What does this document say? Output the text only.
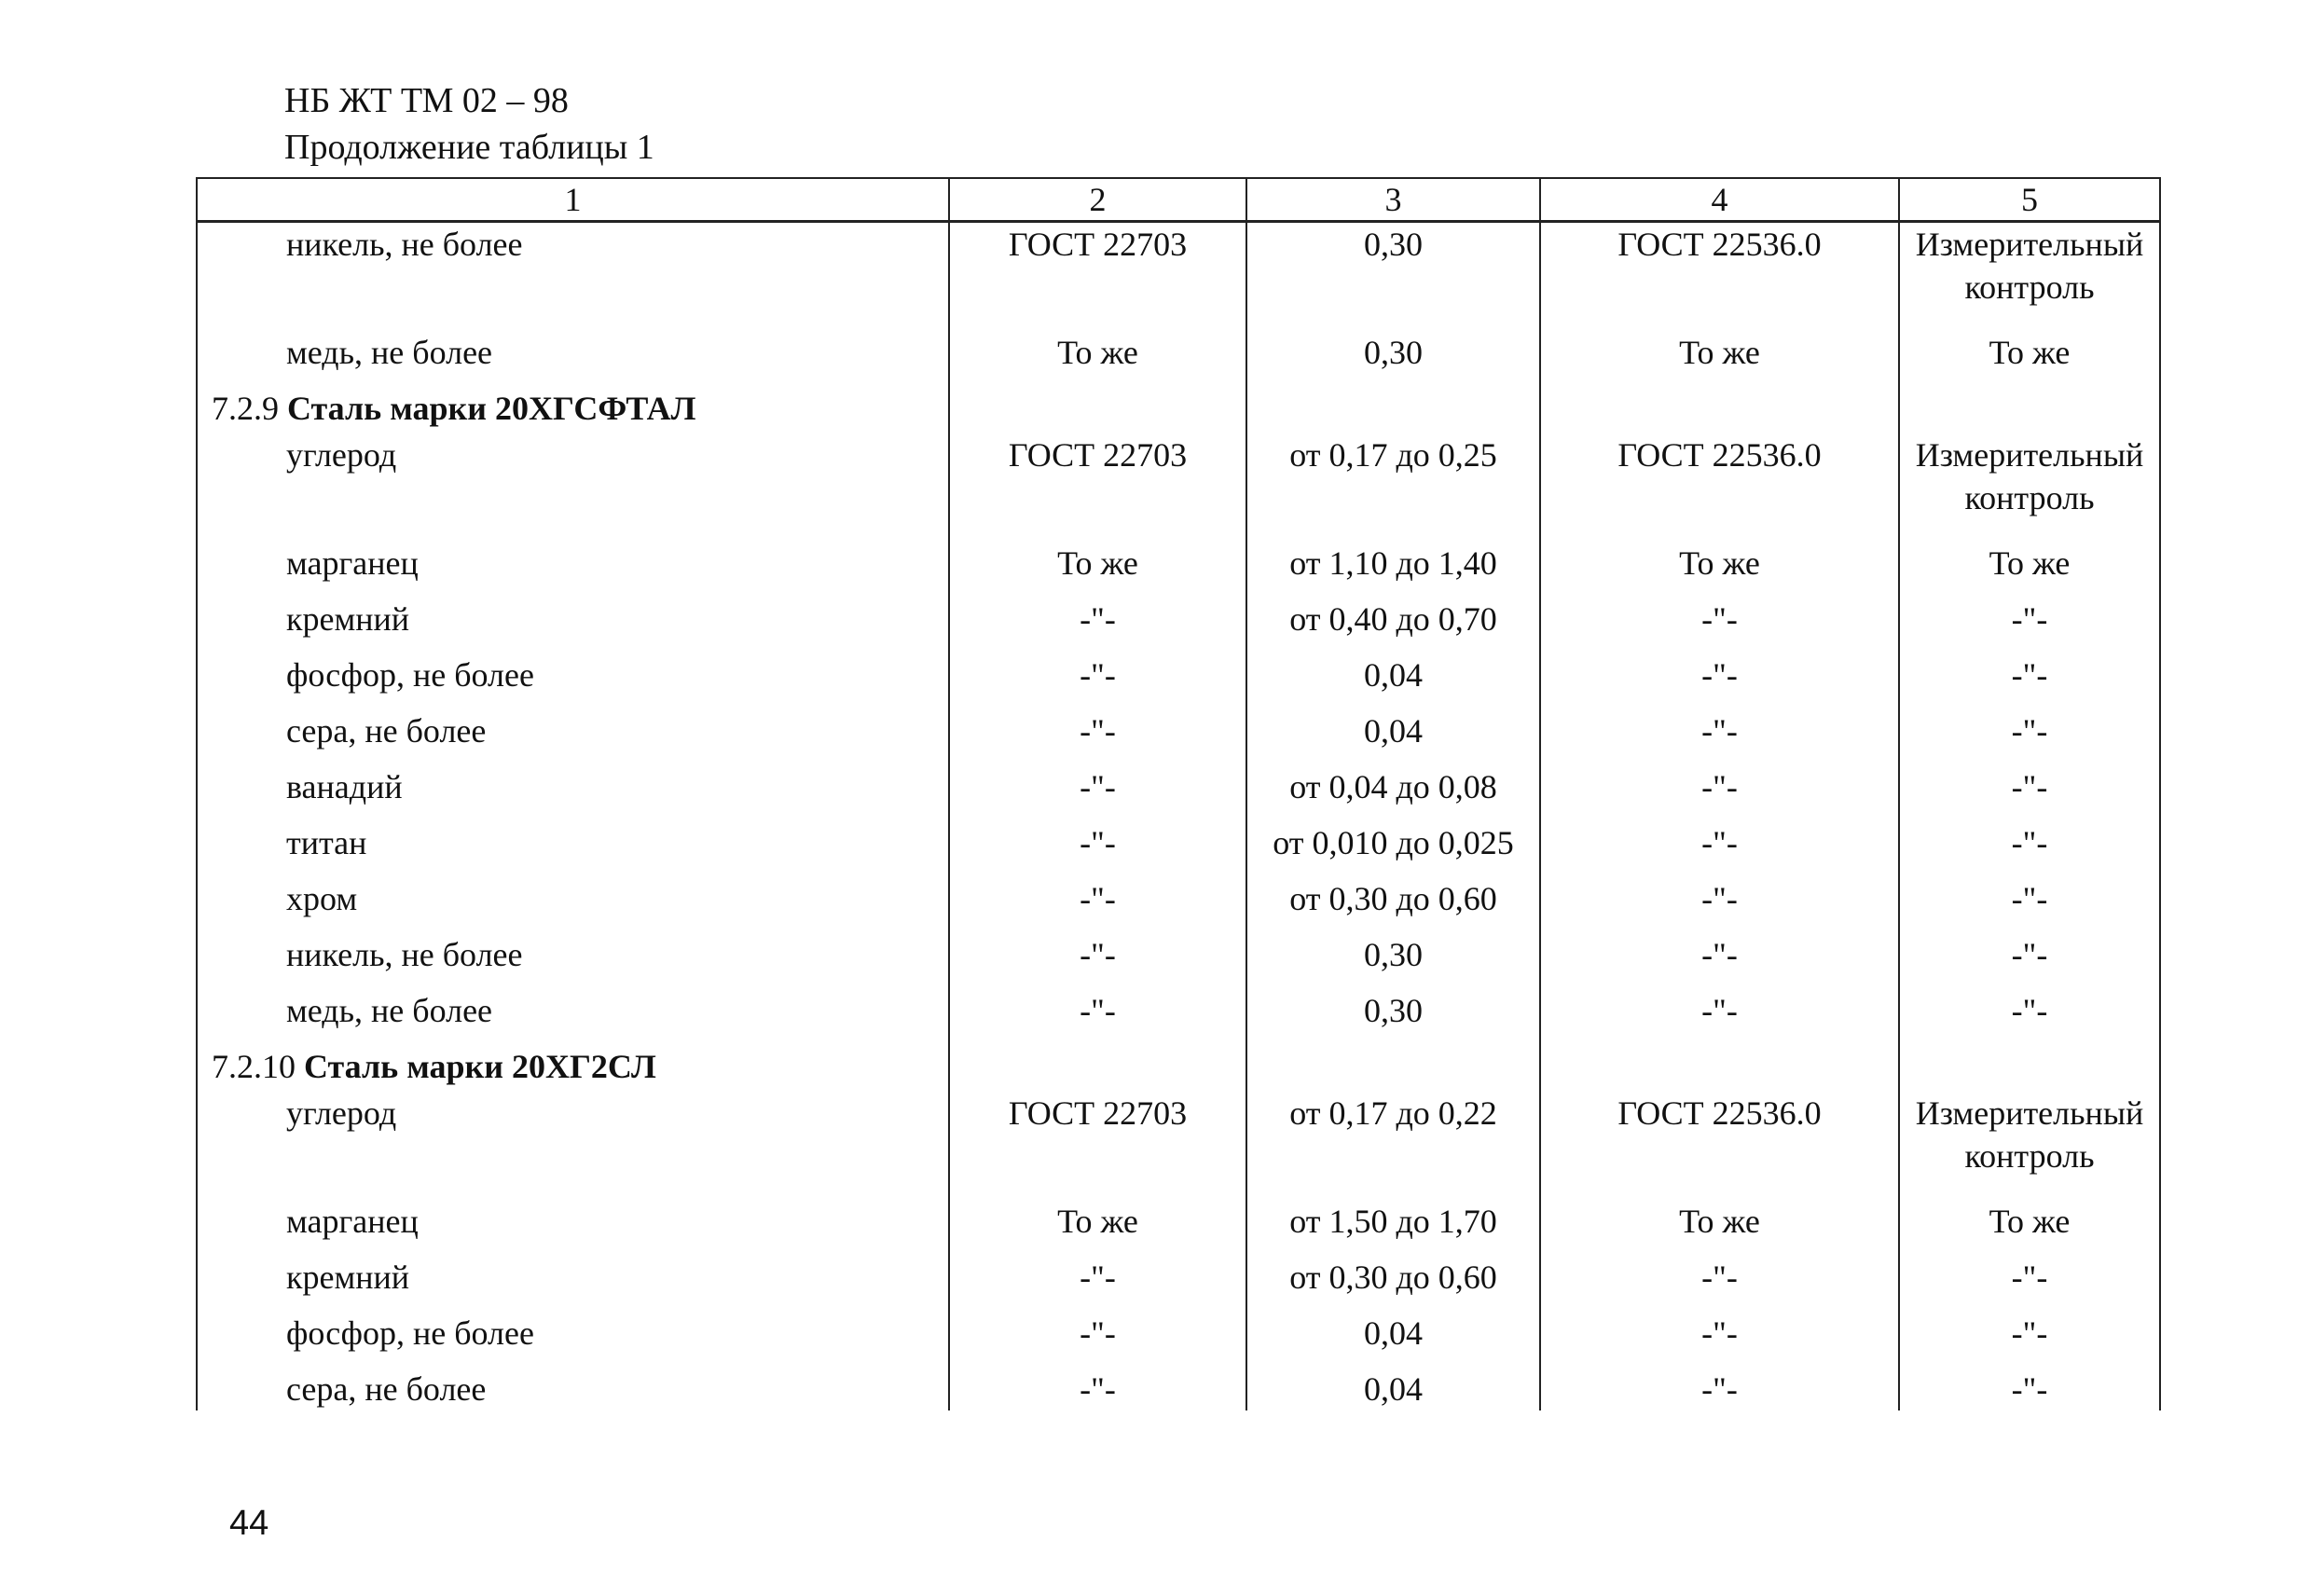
НБ ЖТ ТМ 02 – 98
Продолжение таблицы 1
1	2	3	4	5
никель, не более	ГОСТ 22703	0,30	ГОСТ 22536.0	Измерительный контроль
медь, не более	То же	0,30	То же	То же
7.2.9 Сталь марки 20ХГСФТАЛ				
углерод	ГОСТ 22703	от 0,17 до 0,25	ГОСТ 22536.0	Измерительный контроль
марганец	То же	от 1,10 до 1,40	То же	То же
кремний	-"-	от 0,40 до 0,70	-"-	-"-
фосфор, не более	-"-	0,04	-"-	-"-
сера, не более	-"-	0,04	-"-	-"-
ванадий	-"-	от 0,04 до 0,08	-"-	-"-
титан	-"-	от 0,010 до 0,025	-"-	-"-
хром	-"-	от 0,30 до 0,60	-"-	-"-
никель, не более	-"-	0,30	-"-	-"-
медь, не более	-"-	0,30	-"-	-"-
7.2.10 Сталь марки 20ХГ2СЛ				
углерод	ГОСТ 22703	от 0,17 до 0,22	ГОСТ 22536.0	Измерительный контроль
марганец	То же	от 1,50 до 1,70	То же	То же
кремний	-"-	от 0,30 до 0,60	-"-	-"-
фосфор, не более	-"-	0,04	-"-	-"-
сера, не более	-"-	0,04	-"-	-"-
44
